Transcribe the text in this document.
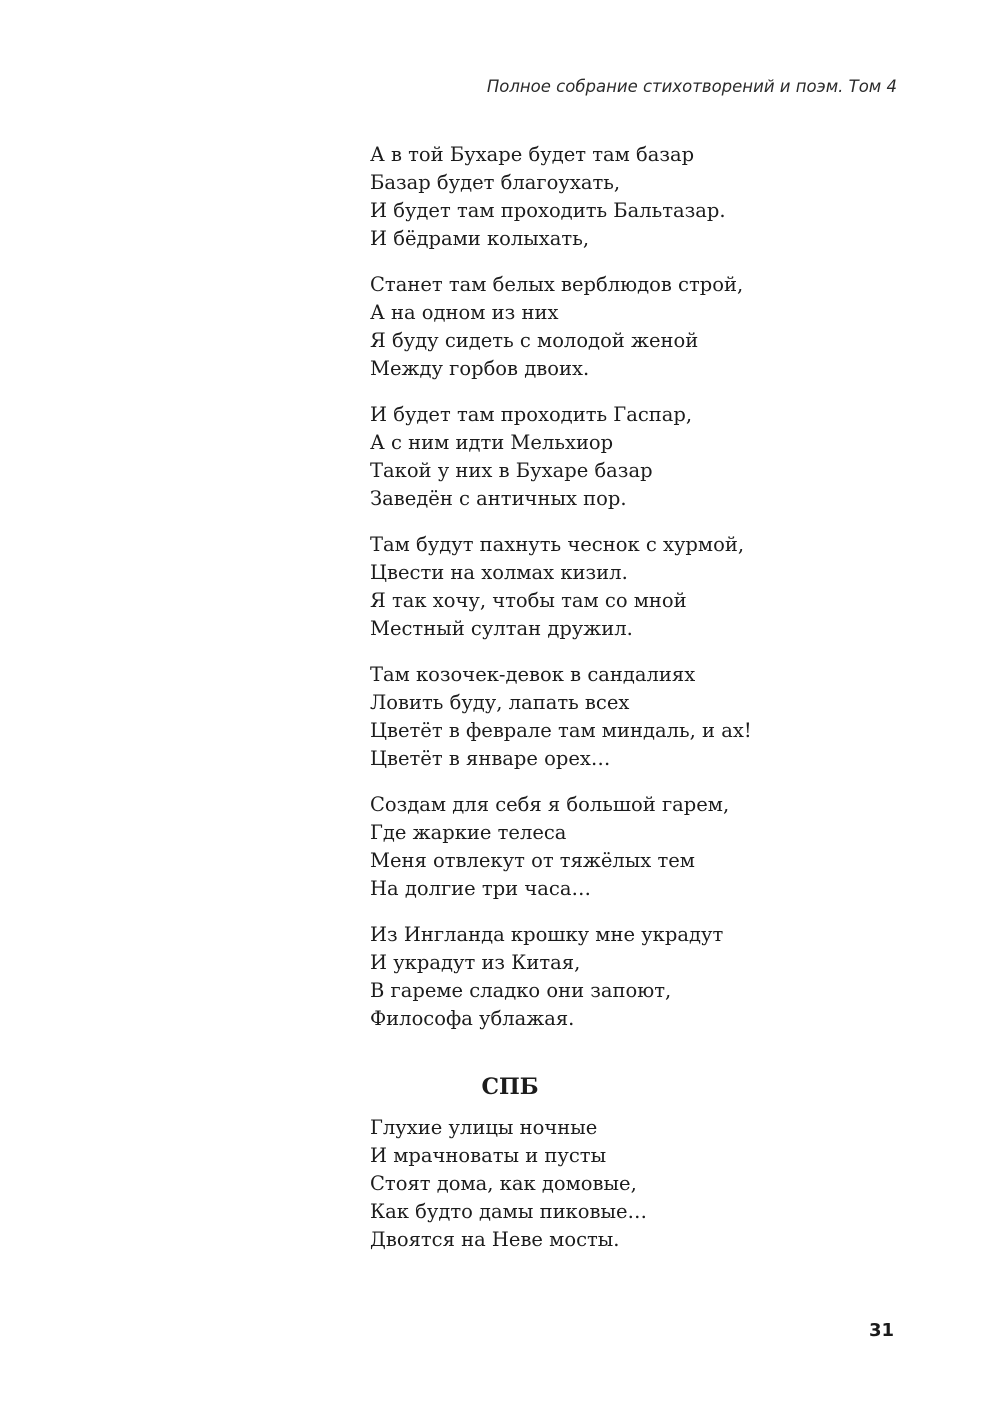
Полное собрание стихотворений и поэм. Том 4
А в той Бухаре будет там базар
Базар будет благоухать,
И будет там проходить Бальтазар.
И бёдрами колыхать,
Станет там белых верблюдов строй,
А на одном из них
Я буду сидеть с молодой женой
Между горбов двоих.
И будет там проходить Гаспар,
А с ним идти Мельхиор
Такой у них в Бухаре базар
Заведён с античных пор.
Там будут пахнуть чеснок с хурмой,
Цвести на холмах кизил.
Я так хочу, чтобы там со мной
Местный султан дружил.
Там козочек-девок в сандалиях
Ловить буду, лапать всех
Цветёт в феврале там миндаль, и ах!
Цветёт в январе орех…
Создам для себя я большой гарем,
Где жаркие телеса
Меня отвлекут от тяжёлых тем
На долгие три часа…
Из Ингланда крошку мне украдут
И украдут из Китая,
В гареме сладко они запоют,
Философа ублажая.
СПБ
Глухие улицы ночные
И мрачноваты и пусты
Стоят дома, как домовые,
Как будто дамы пиковые…
Двоятся на Неве мосты.
31
